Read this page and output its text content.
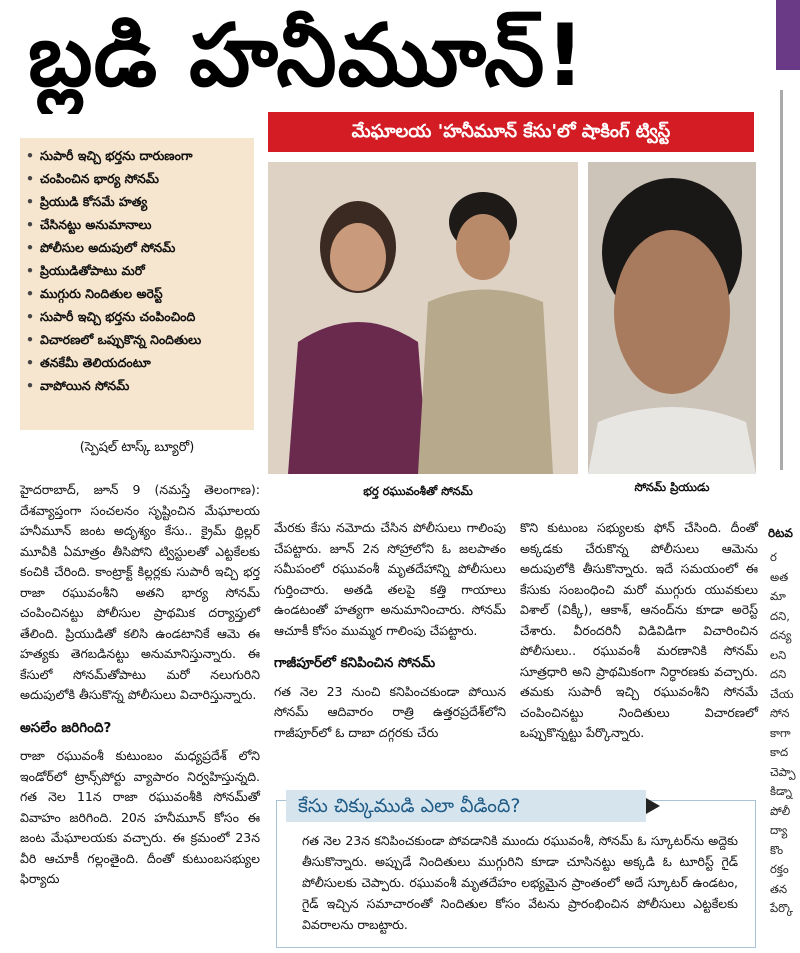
బ్లడి హనీమూన్!
మేఘాలయ 'హనీమూన్ కేసు'లో షాకింగ్ ట్విస్ట్
• సుపారీ ఇచ్చి భర్తను దారుణంగా
• చంపించిన భార్య సోనమ్
• ప్రియుడి కోసమే హత్య
• చేసినట్టు అనుమానాలు
• పోలీసుల అదుపులో సోనమ్
• ప్రియుడితోపాటు మరో
• ముగ్గురు నిందితుల అరెస్ట్
• సుపారీ ఇచ్చి భర్తను చంపించింది
• విచారణలో ఒప్పుకొన్న నిందితులు
• తనకేమీ తెలియదంటూ
• వాపోయిన సోనమ్
(స్పెషల్ టాస్క్ బ్యూరో)
భర్త రఘువంశీతో సోనమ్	సోనమ్ ప్రియుడు
హైదరాబాద్, జూన్ 9 (నమస్తే తెలంగాణ): దేశవ్యాప్తంగా సంచలనం సృష్టించిన మేఘాలయ హనీమూన్ జంట అదృశ్యం కేసు.. క్రైమ్ థ్రిల్లర్ మూవీకి ఏమాత్రం తీసిపోని ట్విస్టులతో ఎట్టకేలకు కంచికి చేరింది. కాంట్రాక్ట్ కిల్లర్లకు సుపారీ ఇచ్చి భర్త రాజా రఘువంశీని అతని భార్య సోనమ్ చంపించినట్టు పోలీసుల ప్రాథమిక దర్యాప్తులో తేలింది. ప్రియుడితో కలిసి ఉండటానికే ఆమె ఈ హత్యకు తెగబడినట్టు అనుమానిస్తున్నారు. ఈ కేసులో సోనమ్‌తోపాటు మరో నలుగురిని అదుపులోకి తీసుకొన్న పోలీసులు విచారిస్తున్నారు.
అసలేం జరిగింది?
రాజా రఘువంశీ కుటుంబం మధ్యప్రదేశ్ లోని ఇండోర్‌లో ట్రాన్స్‌పోర్టు వ్యాపారం నిర్వహిస్తున్నది. గత నెల 11న రాజా రఘువంశీకి సోనమ్‌తో వివాహం జరిగింది. 20న హనీమూన్ కోసం ఈ జంట మేఘాలయకు వచ్చారు. ఈ క్రమంలో 23న వీరి ఆచూకీ గల్లంతైంది. దీంతో కుటుంబసభ్యుల ఫిర్యాదు
మేరకు కేసు నమోదు చేసిన పోలీసులు గాలింపు చేపట్టారు. జూన్ 2న సోహ్రాలోని ఓ జలపాతం సమీపంలో రఘువంశీ మృతదేహాన్ని పోలీసులు గుర్తించారు. అతడి తలపై కత్తి గాయాలు ఉండటంతో హత్యగా అనుమానించారు. సోనమ్ ఆచూకీ కోసం ముమ్మర గాలింపు చేపట్టారు.
గాజీపూర్‌లో కనిపించిన సోనమ్
గత నెల 23 నుంచి కనిపించకుండా పోయిన సోనమ్ ఆదివారం రాత్రి ఉత్తరప్రదేశ్‌లోని గాజీపూర్‌లో ఓ దాబా దగ్గరకు చేరు
కొని కుటుంబ సభ్యులకు ఫోన్ చేసింది. దీంతో అక్కడకు చేరుకొన్న పోలీసులు ఆమెను అదుపులోకి తీసుకొన్నారు. ఇదే సమయంలో ఈ కేసుకు సంబంధించి మరో ముగ్గురు యువకులు విశాల్ (విక్కీ), ఆకాశ్, ఆనంద్‌ను కూడా అరెస్ట్ చేశారు. వీరందరినీ విడివిడిగా విచారించిన పోలీసులు.. రఘువంశీ మరణానికి సోనమ్ సూత్రధారి అని ప్రాథమికంగా నిర్ధారణకు వచ్చారు. తమకు సుపారీ ఇచ్చి రఘువంశీని సోనమే చంపించినట్టు నిందితులు విచారణలో ఒప్పుకొన్నట్టు పేర్కొన్నారు.
కేసు చిక్కుముడి ఎలా వీడింది?
గత నెల 23న కనిపించకుండా పోవడానికి ముందు రఘువంశీ, సోనమ్ ఓ స్కూటర్‌ను అద్దెకు తీసుకొన్నారు. అప్పుడే నిందితులు ముగ్గురిని కూడా చూసినట్టు అక్కడి ఓ టూరిస్ట్ గైడ్ పోలీసులకు చెప్పారు. రఘువంశీ మృతదేహం లభ్యమైన ప్రాంతంలో అదే స్కూటర్ ఉండటం, గైడ్ ఇచ్చిన సమాచారంతో నిందితుల కోసం వేటను ప్రారంభించిన పోలీసులు ఎట్టకేలకు వివరాలను రాబట్టారు.
రిటవ
ర
అత
మా
దని,
దన్య
లని
దని
చేయ
సోన
కాగా
కాద
చెప్పా
కిడ్నా
పోలీ
ద్యా
కొం
రక్తం
తన
పేర్కొ
